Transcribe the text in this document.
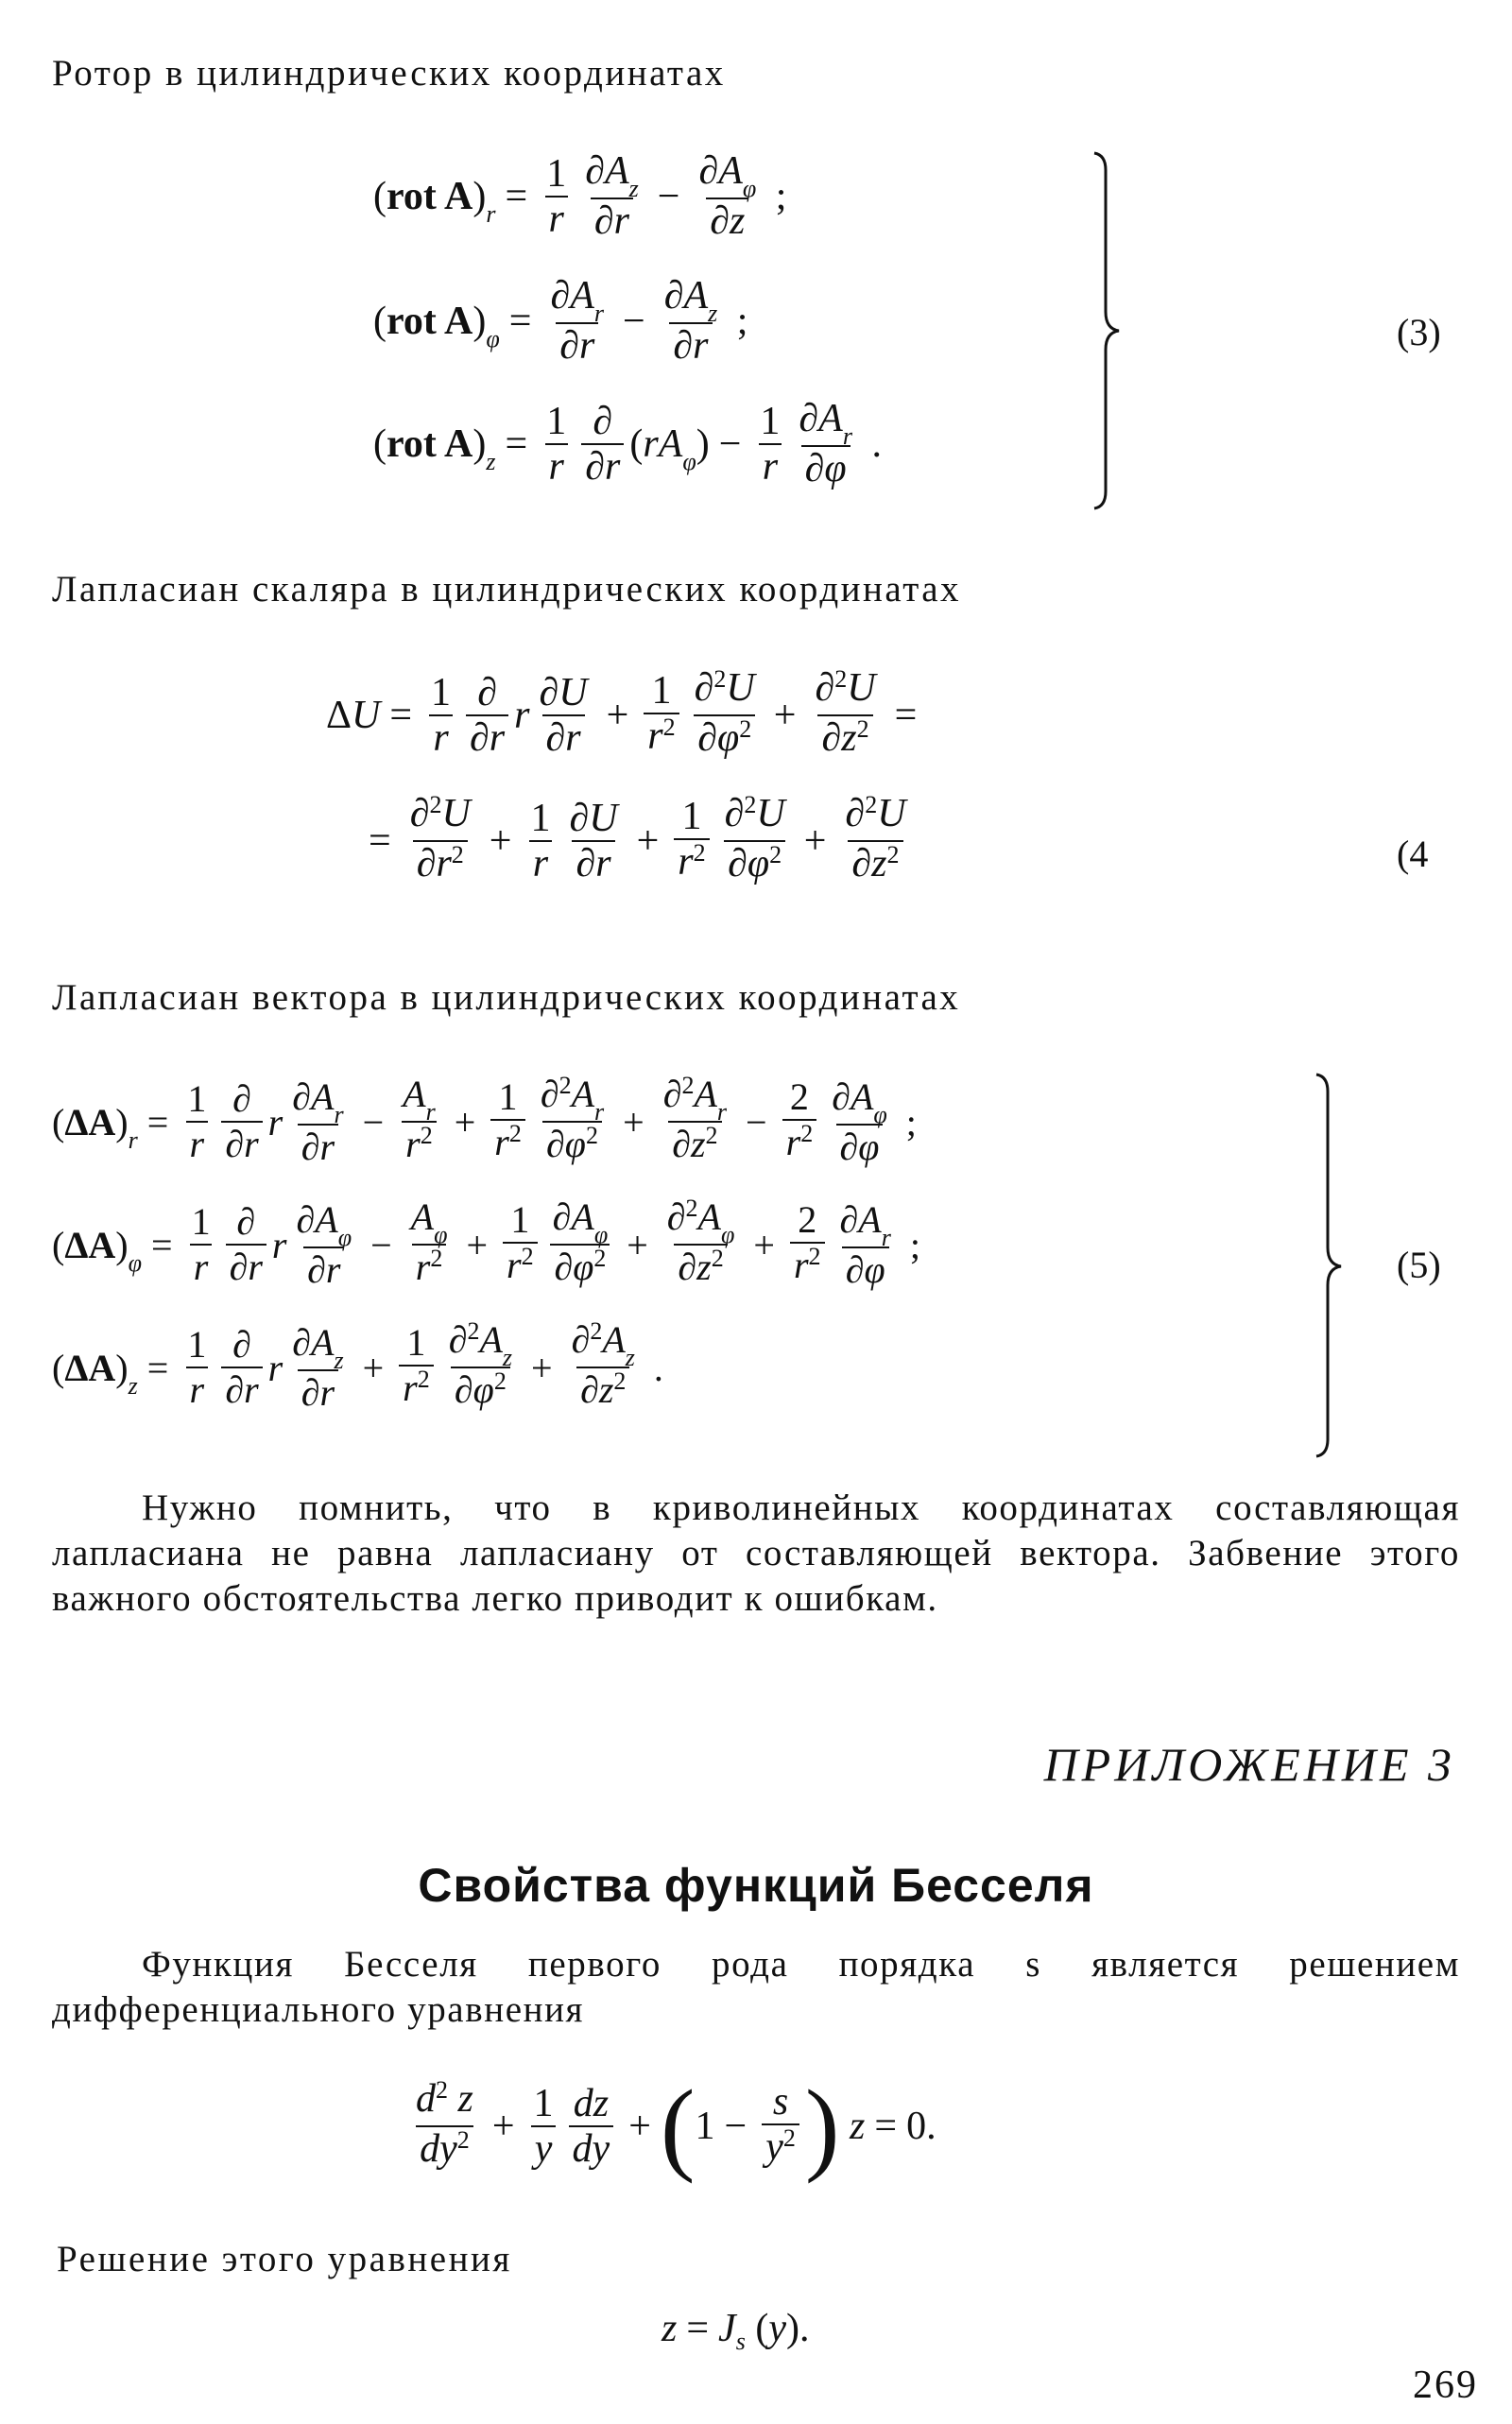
Ротор в цилиндрических координатах
(rot $A)_r = \frac{1}{r} \frac{\partial A_z}{\partial r} - \frac{\partial A_\varphi}{\partial z}$ ;
(rot $A)_\varphi = \frac{\partial A_r}{\partial r} - \frac{\partial A_z}{\partial r}$ ;
(rot $A)_z = \frac{1}{r} \frac{\partial}{\partial r} (rA_\varphi) - \frac{1}{r} \frac{\partial A_r}{\partial\varphi}$ .
(3)
Лапласиан скаляра в цилиндрических координатах
$\Delta U = \frac{1}{r} \frac{\partial}{\partial r}$ r $\frac{\partial U}{\partial r} + \frac{1}{r^2} \frac{\partial^2U}{\partial\varphi^2} + \frac{\partial^2U}{\partial z^2}$ =
= $\frac{\partial^2U}{\partial r^2} + \frac{1}{r} \frac{\partial U}{\partial r} + \frac{1}{r^2} \frac{\partial^2U}{\partial\varphi^2} + \frac{\partial^2U}{\partial z^2}$	(4
Лапласиан вектора в цилиндрических координатах
$(\Delta A)_r = \frac{1}{r} \frac{\partial}{\partial r}$ r $\frac{\partial A_r}{\partial r} - \frac{A_r}{r^2} + \frac{1}{r^2} \frac{\partial^2A_r}{\partial\varphi^2} + \frac{\partial^2A_r}{\partial z^2} - \frac{2}{r^2} \frac{\partial A_\varphi}{\partial\varphi}$ ;
$(\Delta A)_\varphi = \frac{1}{r} \frac{\partial}{\partial r}$ r $\frac{\partial A_\varphi}{\partial r} - \frac{A_\varphi}{r^2} + \frac{1}{r^2} \frac{\partial A_\varphi}{\partial\varphi^2} + \frac{\partial^2A_\varphi}{\partial z^2} + \frac{2}{r^2} \frac{\partial A_r}{\partial\varphi}$ ;
$(\Delta A)_z = \frac{1}{r} \frac{\partial}{\partial r}$ r $\frac{\partial A_z}{\partial r} + \frac{1}{r^2} \frac{\partial^2A_z}{\partial\varphi^2} + \frac{\partial^2A_z}{\partial z^2}$ .
(5)
Нужно помнить, что в криволинейных координатах составляющая лапласиана не равна лапласиану от составляющей вектора. Забвение этого важного обстоятельства легко приводит к ошибкам.
ПРИЛОЖЕНИЕ 3
Свойства функций Бесселя
Функция Бесселя первого рода порядка s является решением дифференциального уравнения
$\frac{d^2 z}{dy^2} + \frac{1}{y} \frac{dz}{dy}$ + ( $1 - \frac{s}{y^2}$ ) z = 0.
Решение этого уравнения
z = J s (y).
269
